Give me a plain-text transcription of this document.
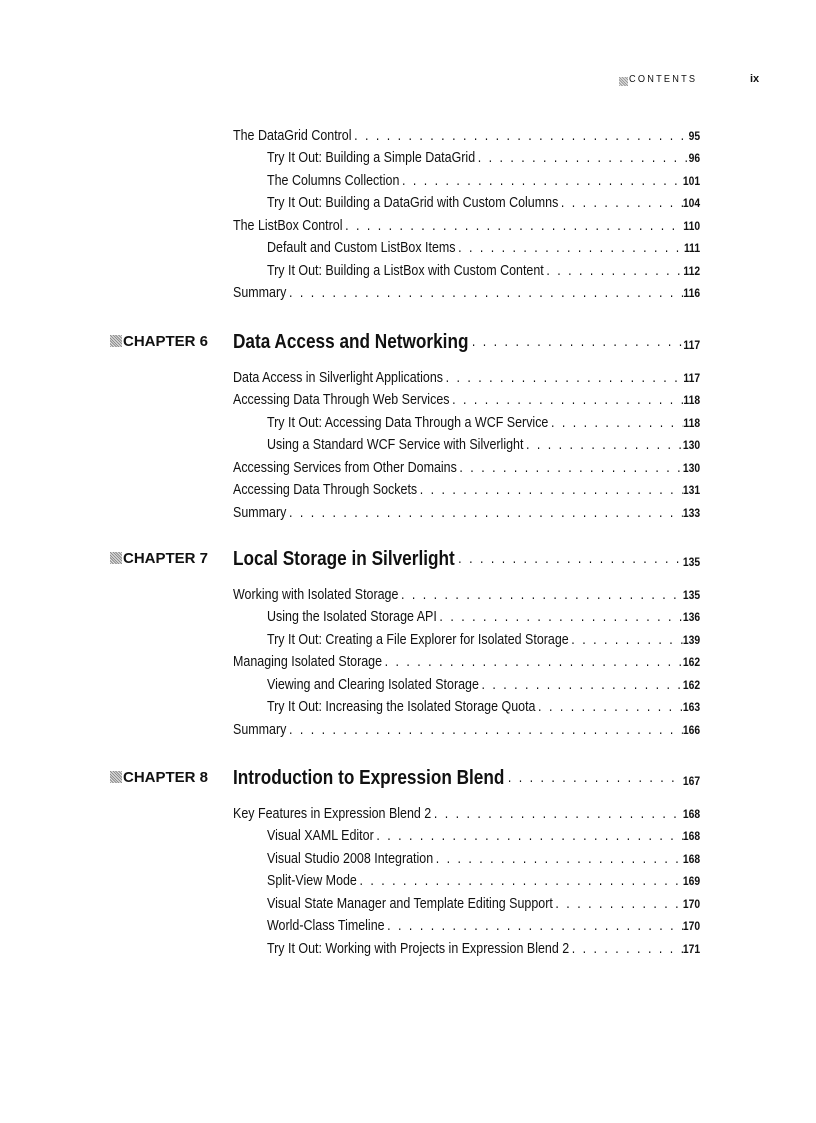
CONTENTS	ix
The DataGrid Control . . .	95
Try It Out: Building a Simple DataGrid . . .	96
The Columns Collection . . .	101
Try It Out: Building a DataGrid with Custom Columns . . .	104
The ListBox Control . . .	110
Default and Custom ListBox Items . . .	111
Try It Out: Building a ListBox with Custom Content . . .	112
Summary . . .	116
CHAPTER 6 Data Access and Networking . . .	117
Data Access in Silverlight Applications . . .	117
Accessing Data Through Web Services . . .	118
Try It Out: Accessing Data Through a WCF Service . . .	118
Using a Standard WCF Service with Silverlight . . .	130
Accessing Services from Other Domains . . .	130
Accessing Data Through Sockets . . .	131
Summary . . .	133
CHAPTER 7 Local Storage in Silverlight . . .	135
Working with Isolated Storage . . .	135
Using the Isolated Storage API . . .	136
Try It Out: Creating a File Explorer for Isolated Storage . . .	139
Managing Isolated Storage . . .	162
Viewing and Clearing Isolated Storage . . .	162
Try It Out: Increasing the Isolated Storage Quota . . .	163
Summary . . .	166
CHAPTER 8 Introduction to Expression Blend . . .	167
Key Features in Expression Blend 2 . . .	168
Visual XAML Editor . . .	168
Visual Studio 2008 Integration . . .	168
Split-View Mode . . .	169
Visual State Manager and Template Editing Support . . .	170
World-Class Timeline . . .	170
Try It Out: Working with Projects in Expression Blend 2 . . .	171
